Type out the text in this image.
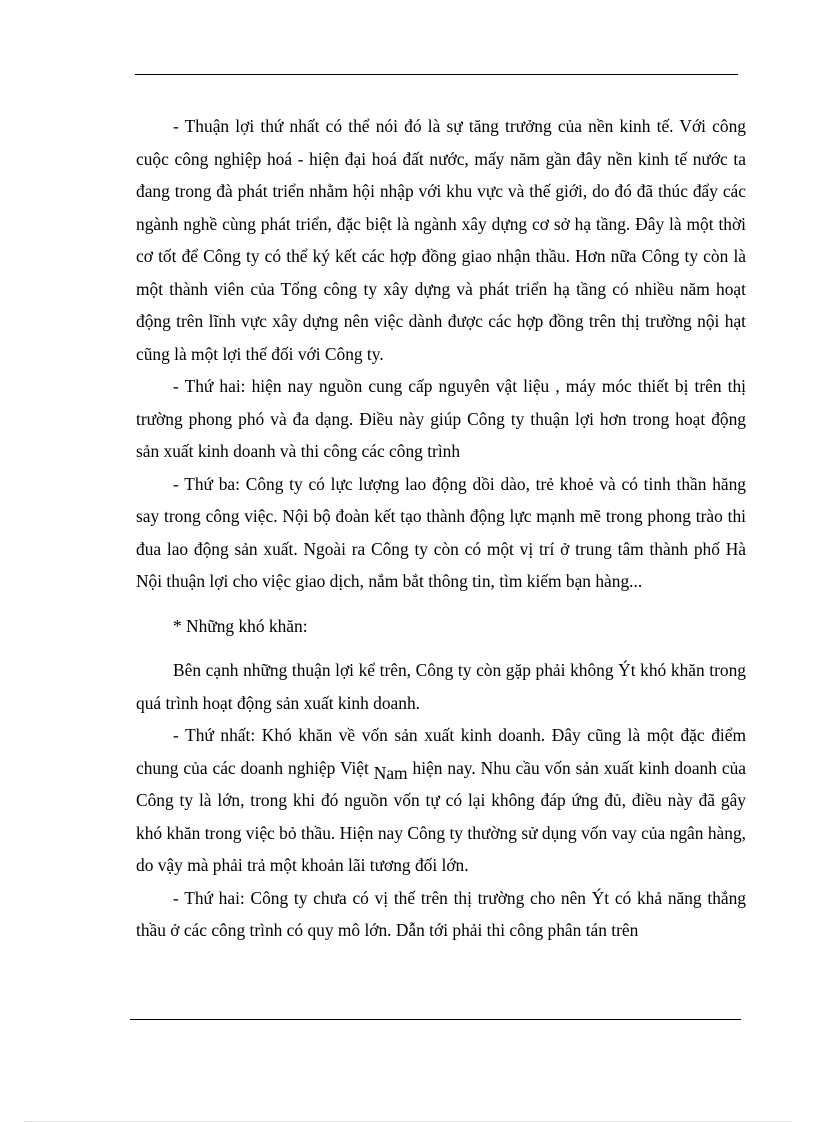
- Thuận lợi thứ nhất có thể nói đó là sự tăng trưởng của nền kinh tế. Với công cuộc công nghiệp hoá - hiện đại hoá đất nước, mấy năm gần đây nền kinh tế nước ta đang trong đà phát triển nhằm hội nhập với khu vực và thế giới, do đó đã thúc đẩy các ngành nghề cùng phát triển, đặc biệt là ngành xây dựng cơ sở hạ tầng. Đây là một thời cơ tốt để Công ty có thể ký kết các hợp đồng giao nhận thầu. Hơn nữa Công ty còn là một thành viên của Tổng công ty xây dựng và phát triển hạ tầng có nhiều năm hoạt động trên lĩnh vực xây dựng nên việc dành được các hợp đồng trên thị trường nội hạt cũng là một lợi thế đối với Công ty.

- Thứ hai: hiện nay nguồn cung cấp nguyên vật liệu , máy móc thiết bị trên thị trường phong phó và đa dạng. Điều này giúp Công ty thuận lợi hơn trong hoạt động sản xuất kinh doanh và thi công các công trình

- Thứ ba: Công ty có lực lượng lao động dồi dào, trẻ khoẻ và có tinh thần hăng say trong công việc. Nội bộ đoàn kết tạo thành động lực mạnh mẽ trong phong trào thi đua lao động sản xuất. Ngoài ra Công ty còn có một vị trí ở trung tâm thành phố Hà Nội thuận lợi cho việc giao dịch, nắm bắt thông tin, tìm kiếm bạn hàng...

* Những khó khăn:

Bên cạnh những thuận lợi kể trên, Công ty còn gặp phải không Ýt khó khăn trong quá trình hoạt động sản xuất kinh doanh.

- Thứ nhất: Khó khăn về vốn sản xuất kinh doanh. Đây cũng là một đặc điểm chung của các doanh nghiệp Việt Nam hiện nay. Nhu cầu vốn sản xuất kinh doanh của Công ty là lớn, trong khi đó nguồn vốn tự có lại không đáp ứng đủ, điều này đã gây khó khăn trong việc bỏ thầu. Hiện nay Công ty thường sử dụng vốn vay của ngân hàng, do vậy mà phải trả một khoản lãi tương đối lớn.

- Thứ hai: Công ty chưa có vị thế trên thị trường cho nên Ýt có khả năng thắng thầu ở các công trình có quy mô lớn. Dẫn tới phải thi công phân tán trên
